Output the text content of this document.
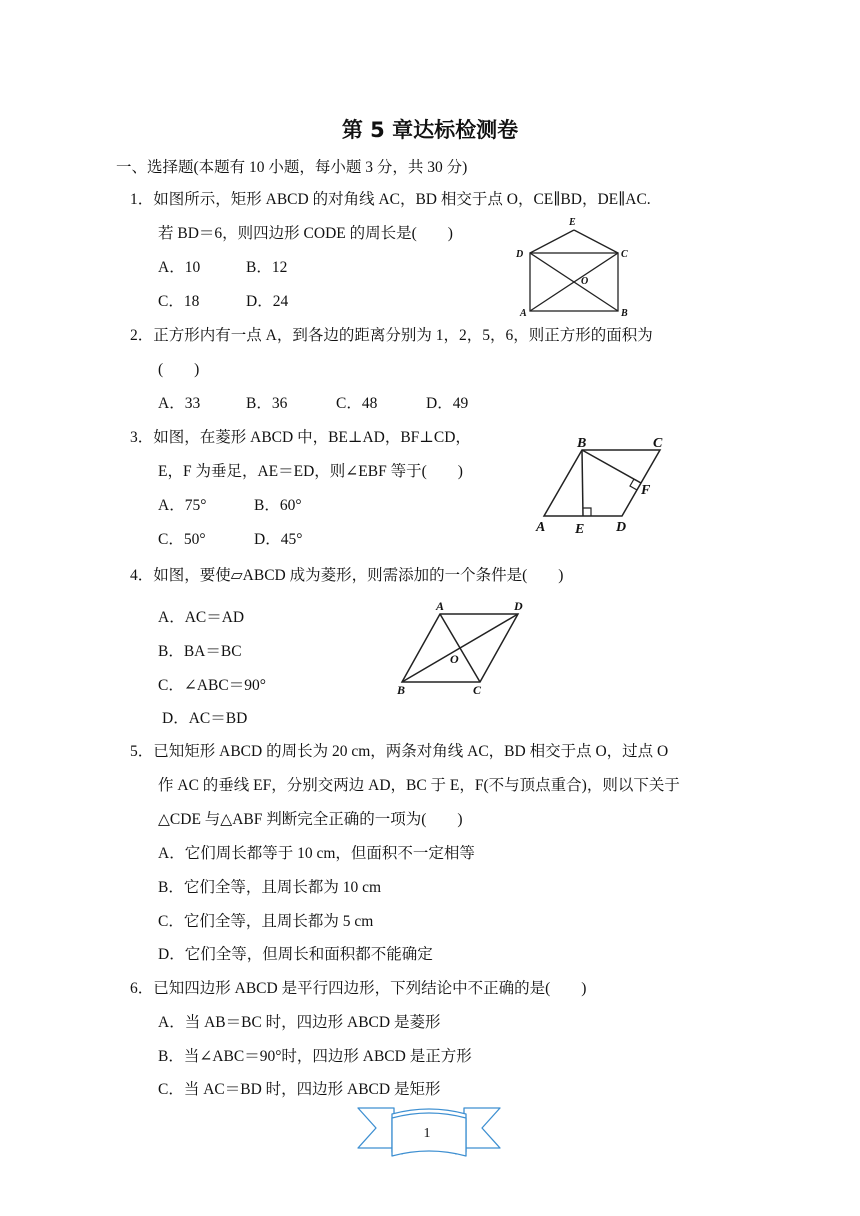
第 5 章达标检测卷
一、选择题(本题有 10 小题，每小题 3 分，共 30 分)
1．如图所示，矩形 ABCD 的对角线 AC，BD 相交于点 O，CE∥BD，DE∥AC.
若 BD＝6，则四边形 CODE 的周长是(　　)
A．10	B．12
C．18	D．24
E
D	C
O
A	B
2．正方形内有一点 A，到各边的距离分别为 1，2，5，6，则正方形的面积为
(　　)
A．33	B．36	C．48	D．49
3．如图，在菱形 ABCD 中，BE⊥AD，BF⊥CD，
E，F 为垂足，AE＝ED，则∠EBF 等于(　　)
A．75°	B．60°
C．50°	D．45°
B	C
F
A E D
4．如图，要使▱ABCD 成为菱形，则需添加的一个条件是(　　)
A．AC＝AD
B．BA＝BC
C．∠ABC＝90°
D．AC＝BD
A	D
O
B	C
5．已知矩形 ABCD 的周长为 20 cm，两条对角线 AC，BD 相交于点 O，过点 O
作 AC 的垂线 EF，分别交两边 AD，BC 于 E，F(不与顶点重合)，则以下关于
△CDE 与△ABF 判断完全正确的一项为(　　)
A．它们周长都等于 10 cm，但面积不一定相等
B．它们全等，且周长都为 10 cm
C．它们全等，且周长都为 5 cm
D．它们全等，但周长和面积都不能确定
6．已知四边形 ABCD 是平行四边形，下列结论中不正确的是(　　)
A．当 AB＝BC 时，四边形 ABCD 是菱形
B．当∠ABC＝90°时，四边形 ABCD 是正方形
C．当 AC＝BD 时，四边形 ABCD 是矩形
1
